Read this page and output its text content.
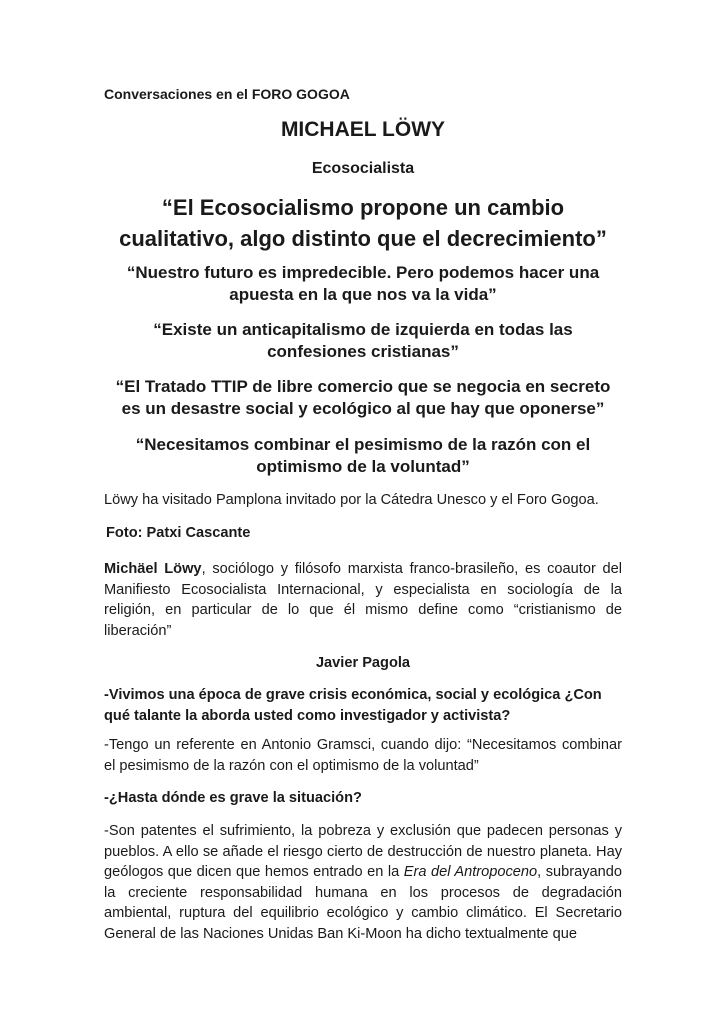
Conversaciones en el FORO GOGOA
MICHAEL LÖWY
Ecosocialista
“El Ecosocialismo propone un cambio cualitativo, algo distinto que el decrecimiento”
“Nuestro futuro es impredecible. Pero podemos hacer una apuesta en la que nos va la vida”
“Existe un anticapitalismo de izquierda en todas las confesiones cristianas”
“El Tratado TTIP de libre comercio que se negocia en secreto es un desastre social y ecológico al que hay que oponerse”
“Necesitamos combinar el pesimismo de la razón con el optimismo de la voluntad”
Löwy ha visitado Pamplona invitado por la Cátedra Unesco y el Foro Gogoa.
Foto: Patxi Cascante
Michäel Löwy, sociólogo y filósofo marxista franco-brasileño, es coautor del Manifiesto Ecosocialista Internacional, y especialista en sociología de la religión, en particular de lo que él mismo define como “cristianismo de liberación”
Javier Pagola
-Vivimos una época de grave crisis económica, social y ecológica ¿Con qué talante la aborda usted como investigador y activista?
-Tengo un referente en Antonio Gramsci, cuando dijo: “Necesitamos combinar el pesimismo de la razón con el optimismo de la voluntad”
-¿Hasta dónde es grave la situación?
-Son patentes el sufrimiento, la pobreza y exclusión que padecen personas y pueblos. A ello se añade el riesgo cierto de destrucción de nuestro planeta. Hay geólogos que dicen que hemos entrado en la Era del Antropoceno, subrayando la creciente responsabilidad humana en los procesos de degradación ambiental, ruptura del equilibrio ecológico y cambio climático. El Secretario General de las Naciones Unidas Ban Ki-Moon ha dicho textualmente que
